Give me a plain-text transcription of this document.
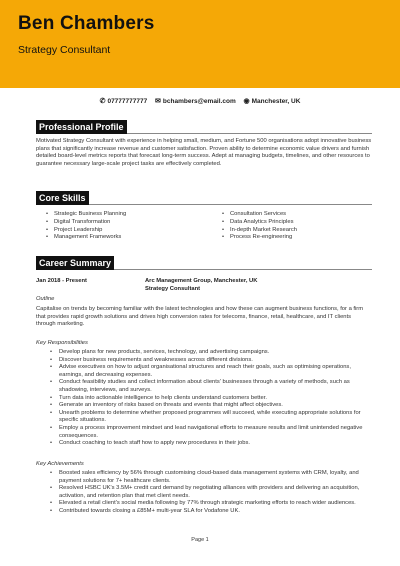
Ben Chambers
Strategy Consultant
✆ 07777777777 ✉ bchambers@email.com ◉ Manchester, UK
Professional Profile
Motivated Strategy Consultant with experience in helping small, medium, and Fortune 500 organisations adopt innovative business plans that significantly increase revenue and customer satisfaction. Proven ability to determine economic value drivers and furnish detailed board-level metrics reports that forecast long-term success. Adept at managing budgets, timelines, and other resources to guarantee necessary large-scale project tasks are effectively completed.
Core Skills
• Strategic Business Planning
• Digital Transformation
• Project Leadership
• Management Frameworks
• Consultation Services
• Data Analytics Principles
• In-depth Market Research
• Process Re-engineering
Career Summary
Jan 2018 - Present	Arc Management Group, Manchester, UK
Strategy Consultant
Outline
Capitalise on trends by becoming familiar with the latest technologies and how these can augment business functions, for a firm that provides rapid growth solutions and drives high conversion rates for telecoms, finance, retail, healthcare, and IT clients through marketing.
Key Responsibilities
• Develop plans for new products, services, technology, and advertising campaigns.
• Discover business requirements and weaknesses across different divisions.
• Advise executives on how to adjust organisational structures and reach their goals, such as optimising operations, earnings, and decreasing expenses.
• Conduct feasibility studies and collect information about clients' businesses through a variety of methods, such as shadowing, interviews, and surveys.
• Turn data into actionable intelligence to help clients understand customers better.
• Generate an inventory of risks based on threats and events that might affect objectives.
• Unearth problems to determine whether proposed programmes will succeed, while executing appropriate solutions for specific situations.
• Employ a process improvement mindset and lead navigational efforts to measure results and limit unintended negative consequences.
• Conduct coaching to teach staff how to apply new procedures in their jobs.
Key Achievements
• Boosted sales efficiency by 56% through customising cloud-based data management systems with CRM, loyalty, and payment solutions for 7+ healthcare clients.
• Resolved HSBC UK's 3.5M+ credit card demand by negotiating alliances with providers and delivering an acquisition, activation, and retention plan that met client needs.
• Elevated a retail client's social media following by 77% through strategic marketing efforts to reach wider audiences.
• Contributed towards closing a £85M+ multi-year SLA for Vodafone UK.
Page 1
